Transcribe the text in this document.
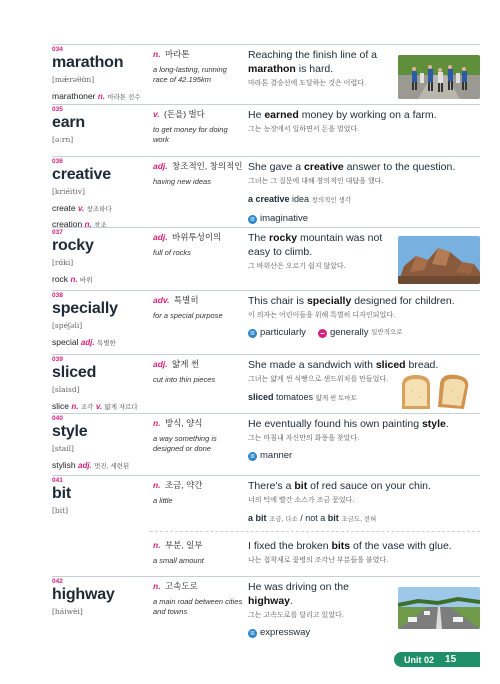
034
marathon
[mǽrəθɑ̀n]
marathoner n. 마라톤 선수
n. 마라톤
a long-lasting, running race of 42.195km
Reaching the finish line of a marathon is hard.
마라톤 결승선에 도달하는 것은 어렵다.
035
earn
[əːrn]
v. (돈을) 벌다
to get money for doing work
He earned money by working on a farm.
그는 농장에서 일하면서 돈을 벌었다.
036
creative
[kriéitiv]
create v. 창조하다
creation n. 창조
adj. 창조적인, 창의적인
having new ideas
She gave a creative answer to the question.
그녀는 그 질문에 대해 창의적인 대답을 했다.
a creative idea 창의적인 생각
= imaginative
037
rocky
[rɑ́ki]
rock n. 바위
adj. 바위투성이의
full of rocks
The rocky mountain was not easy to climb.
그 바위산은 오르기 쉽지 않았다.
038
specially
[spéʃəli]
special adj. 특별한
adv. 특별히
for a special purpose
This chair is specially designed for children.
이 의자는 어린이들을 위해 특별히 디자인되었다.
= particularly − generally
일반적으로
039
sliced
[slaisd]
slice n. 조각 v. 얇게 자르다
adj. 얇게 썬
cut into thin pieces
She made a sandwich with sliced bread.
그녀는 얇게 썬 식빵으로 샌드위치를 만들었다.
sliced tomatoes 얇게 썬 토마토
040
style
[stail]
stylish adj. 멋진, 세련된
n. 방식, 양식
a way something is designed or done
He eventually found his own painting style.
그는 마침내 자신만의 화풍을 찾았다.
= manner
041
bit
[bit]
n. 조금, 약간
a little
There's a bit of red sauce on your chin.
너의 턱에 빨간 소스가 조금 묻었다.
a bit 조금, 다소 / not a bit 조금도, 전혀
n. 부분, 일부
a small amount
I fixed the broken bits of the vase with glue.
나는 접착제로 꽃병의 조각난 부분들을 붙였다.
042
highway
[háiwèi]
n. 고속도로
a main road between cities and towns
He was driving on the highway.
그는 고속도로를 달리고 있었다.
= expressway
Unit 02 15
